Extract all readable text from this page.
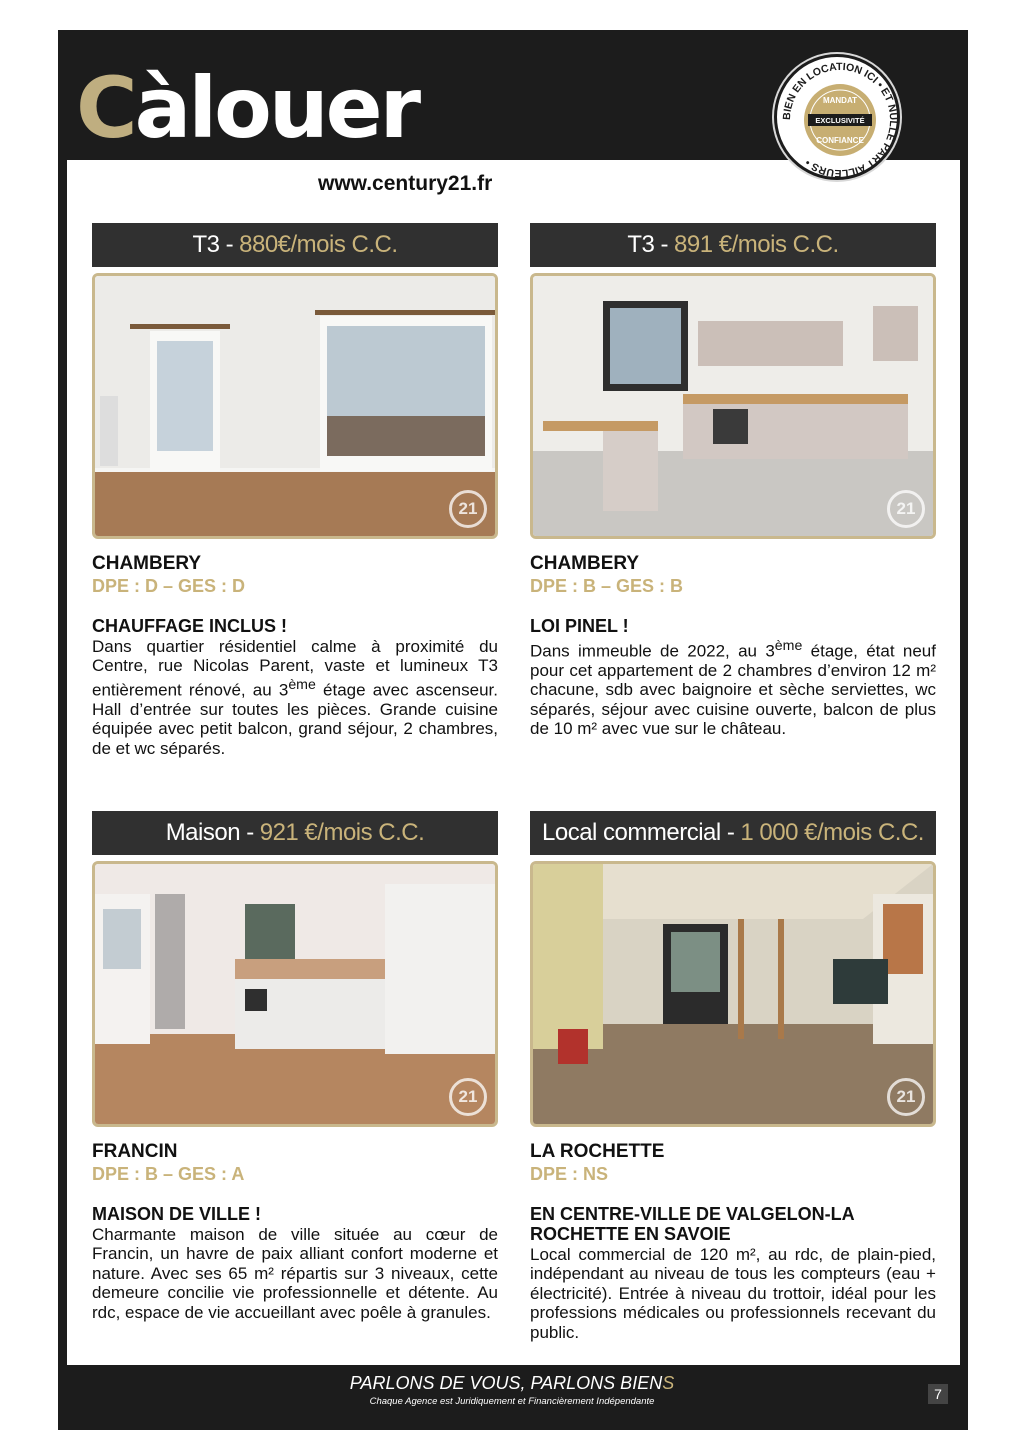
Càlouer	BIEN EN LOCATION ICI • ET NULLE PART AILLEURS •
MANDAT
EXCLUSIVITÉ
CONFIANCE
www.century21.fr
T3 - 880€/mois C.C.
21
CHAMBERY
DPE : D – GES : D
CHAUFFAGE INCLUS !
Dans quartier résidentiel calme à proximité du Centre, rue Nicolas Parent, vaste et lumineux T3 entièrement rénové, au 3ème étage avec ascenseur. Hall d’entrée sur toutes les pièces. Grande cuisine équipée avec petit balcon, grand séjour, 2 chambres, de et wc séparés.
T3 - 891 €/mois C.C.
21
CHAMBERY
DPE : B – GES : B
LOI PINEL !
Dans immeuble de 2022, au 3ème étage, état neuf pour cet appartement de 2 chambres d’environ 12 m² chacune, sdb avec baignoire et sèche serviettes, wc séparés, séjour avec cuisine ouverte, balcon de plus de 10 m² avec vue sur le château.
Maison - 921 €/mois C.C.
21
FRANCIN
DPE : B – GES : A
MAISON DE VILLE !
Charmante maison de ville située au cœur de Francin, un havre de paix alliant confort moderne et nature. Avec ses 65 m² répartis sur 3 niveaux, cette demeure concilie vie professionnelle et détente. Au rdc, espace de vie accueillant avec poêle à granules.
Local commercial - 1 000 €/mois C.C.
21
LA ROCHETTE
DPE : NS
EN CENTRE-VILLE DE VALGELON-LA ROCHETTE EN SAVOIE
Local commercial de 120 m², au rdc, de plain-pied, indépendant au niveau de tous les compteurs (eau + électricité). Entrée à niveau du trottoir, idéal pour les professions médicales ou professionnels recevant du public.
PARLONS DE VOUS, PARLONS BIENS
Chaque Agence est Juridiquement et Financièrement Indépendante	7
